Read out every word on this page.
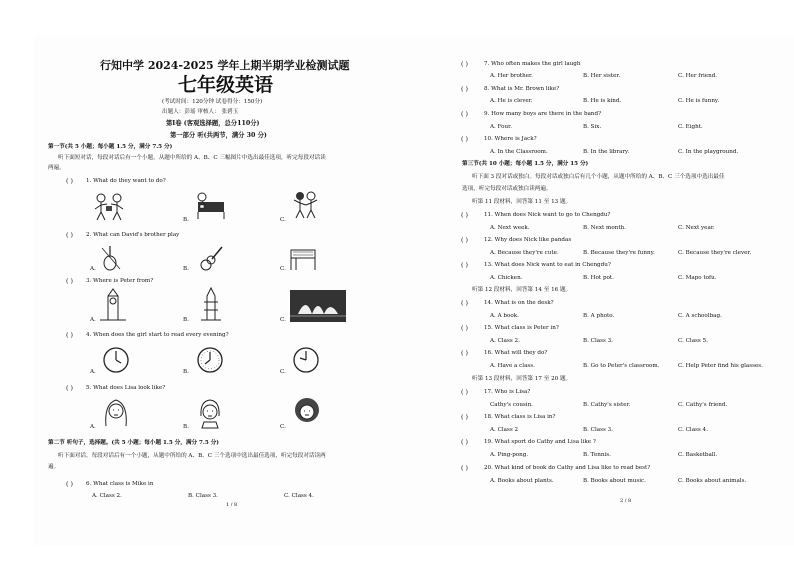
行知中学 2024-2025 学年上期半期学业检测试题
七年级英语
(考试时间：120分钟 试卷得分：150分)
出题人：彭瑶 审核人： 张碧玉
第Ⅰ卷 (客观选择题，总分110分)
第一部分 听(共两节，满分 30 分)
第一节(共 5 小题；每小题 1.5 分，满分 7.5 分)
听下面短对话，每段对话后有一个小题，从题中所给的 A、B、C 三幅图片中选出最佳选项，听完每段对话读
两遍。
( ) 1. What do they want to do?
B.	C.
( ) 2. What can David's brother play
A.	B.	C.
( ) 3. Where is Peter from?
A.	B.	C.
( ) 4. When does the girl start to read every evening?
A.	B.	C.
( ) 5. What does Lisa look like?
A.	B.	C.
第二节 听句子，选择题。(共 5 小题；每小题 1.5 分，满分 7.5 分)
听下面对话，每段对话后有一个小题，从题中所给的 A、B、C 三个选项中选出最佳选项，听完每段对话读两
遍。
( ) 6. What class is Mike in
A. Class 2.	B. Class 3.	C. Class 4.
1 / 8
( )	7. Who often makes the girl laugh
A. Her brother.	B. Her sister.	C. Her friend.
( )	8. What is Mr. Brown like?
A. He is clever.	B. He is kind.	C. He is funny.
( )	9. How many boys are there in the band?
A. Four.	B. Six.	C. Eight.
( )	10. Where is Jack?
A. In the Classroom.	B. In the library.	C. In the playground.
第三节(共 10 小题；每小题 1.5 分，满分 15 分)
听下面 3 段对话或独白。每段对话或独白后有几个小题，从题中所给的 A、B、C 三个选项中选出最佳
选项，听完每段对话或独白读两遍。
听第 11 段材料，回答第 11 至 13 题。
( )	11. When does Nick want to go to Chengdu?
A. Next week.	B. Next month.	C. Next year.
( )	12. Why does Nick like pandas
A. Because they're cute.	B. Because they're funny.	C. Because they're clever.
( )	13. What does Nick want to eat in Chengdu?
A. Chicken.	B. Hot pot.	C. Mapo tofu.
听第 12 段材料，回答第 14 至 16 题。
( )	14. What is on the desk?
A. A book.	B. A photo.	C. A schoolbag.
( )	15. What class is Peter in?
A. Class 2.	B. Class 3.	C. Class 5.
( )	16. What will they do?
A. Have a class.	B. Go to Peter's classroom.	C. Help Peter find his glasses.
听第 13 段材料，回答第 17 至 20 题。
( )	17. Who is Lisa?
Cathy's cousin.	B. Cathy's sister.	C. Cathy's friend.
( )	18. What class is Lisa in?
A. Class 2	B. Class 3.	C. Class 4.
( )	19. What sport do Cathy and Lisa like ?
A. Ping-pong.	B. Tennis.	C. Basketball.
( )	20. What kind of book do Cathy and Lisa like to read best?
A. Books about plants.	B. Books about music.	C. Books about animals.
2 / 8
